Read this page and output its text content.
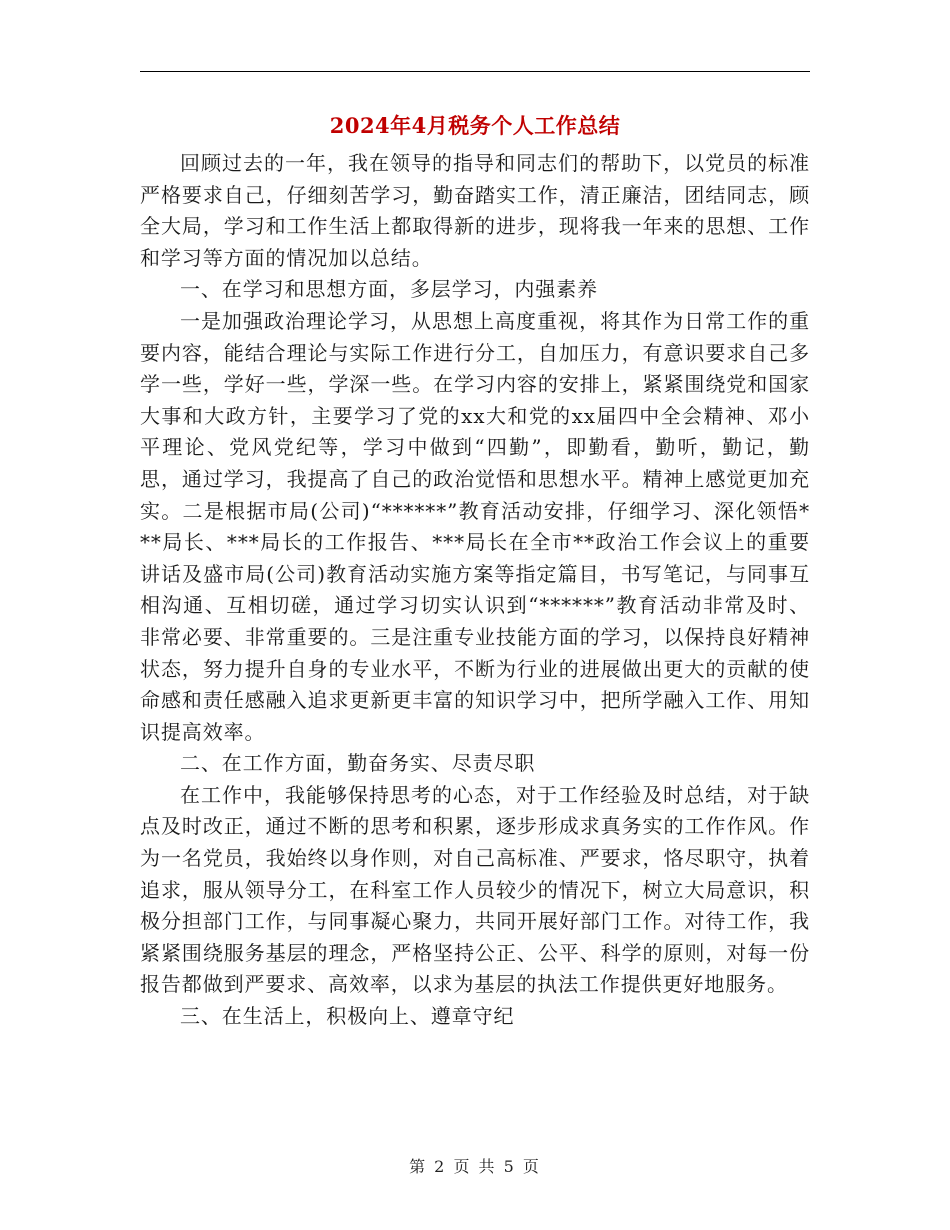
2024年4月税务个人工作总结

回顾过去的一年，我在领导的指导和同志们的帮助下，以党员的标准严格要求自己，仔细刻苦学习，勤奋踏实工作，清正廉洁，团结同志，顾全大局，学习和工作生活上都取得新的进步，现将我一年来的思想、工作和学习等方面的情况加以总结。

一、在学习和思想方面，多层学习，内强素养

一是加强政治理论学习，从思想上高度重视，将其作为日常工作的重要内容，能结合理论与实际工作进行分工，自加压力，有意识要求自己多学一些，学好一些，学深一些。在学习内容的安排上，紧紧围绕党和国家大事和大政方针，主要学习了党的xx大和党的xx届四中全会精神、邓小平理论、党风党纪等，学习中做到“四勤”，即勤看，勤听，勤记，勤思，通过学习，我提高了自己的政治觉悟和思想水平。精神上感觉更加充实。二是根据市局(公司)“******”教育活动安排，仔细学习、深化领悟***局长、***局长的工作报告、***局长在全市**政治工作会议上的重要讲话及盛市局(公司)教育活动实施方案等指定篇目，书写笔记，与同事互相沟通、互相切磋，通过学习切实认识到“******”教育活动非常及时、非常必要、非常重要的。三是注重专业技能方面的学习，以保持良好精神状态，努力提升自身的专业水平，不断为行业的进展做出更大的贡献的使命感和责任感融入追求更新更丰富的知识学习中，把所学融入工作、用知识提高效率。

二、在工作方面，勤奋务实、尽责尽职

在工作中，我能够保持思考的心态，对于工作经验及时总结，对于缺点及时改正，通过不断的思考和积累，逐步形成求真务实的工作作风。作为一名党员，我始终以身作则，对自己高标准、严要求，恪尽职守，执着追求，服从领导分工，在科室工作人员较少的情况下，树立大局意识，积极分担部门工作，与同事凝心聚力，共同开展好部门工作。对待工作，我紧紧围绕服务基层的理念，严格坚持公正、公平、科学的原则，对每一份报告都做到严要求、高效率，以求为基层的执法工作提供更好地服务。

三、在生活上，积极向上、遵章守纪

第 2 页 共 5 页
